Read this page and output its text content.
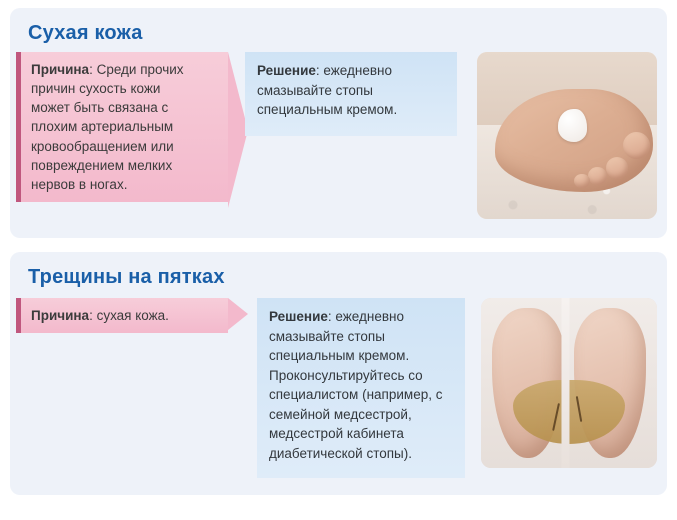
Сухая кожа
Причина: Среди прочих причин сухость кожи может быть связана с плохим артериальным кровообращением или повреждением мелких нервов в ногах.
Решение: ежедневно смазывайте стопы специальным кремом.
Трещины на пятках
Причина: сухая кожа.	Решение: ежедневно смазывайте стопы специальным кремом. Проконсультируйтесь со специалистом (например, с семейной медсестрой, медсестрой кабинета диабетической стопы).
